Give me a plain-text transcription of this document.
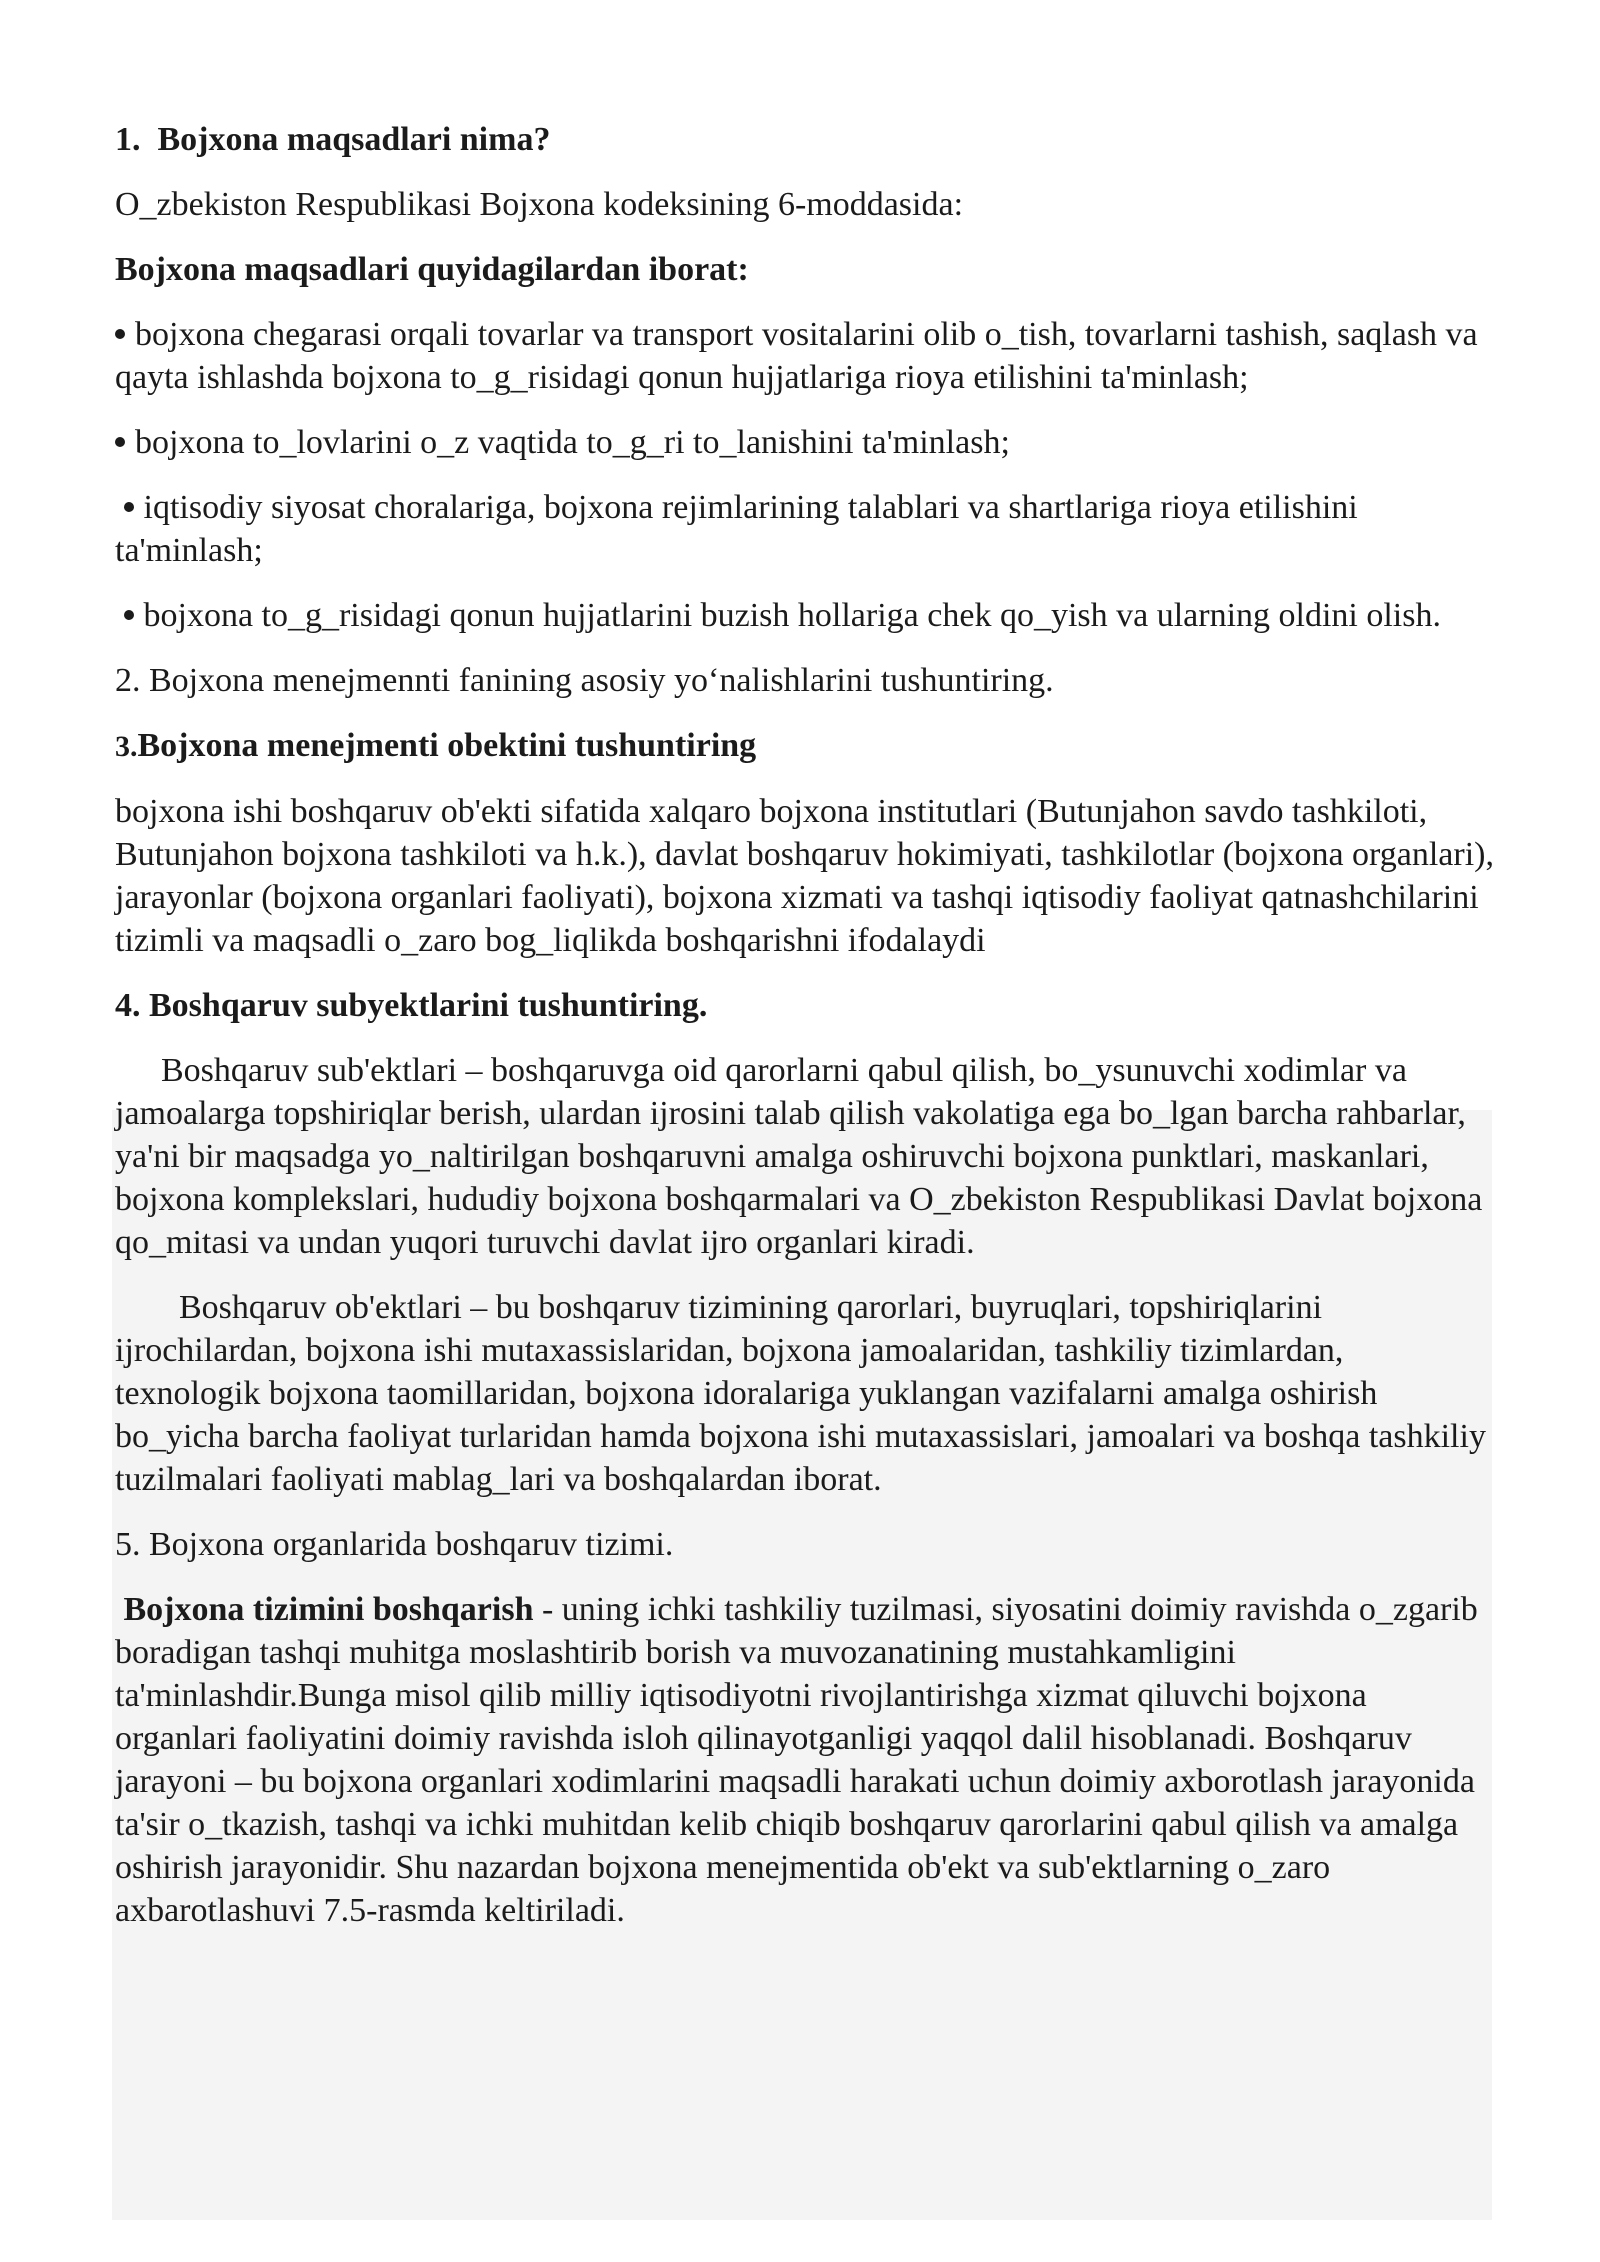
1. Bojxona maqsadlari nima?

O_zbekiston Respublikasi Bojxona kodeksining 6-moddasida:

Bojxona maqsadlari quyidagilardan iborat:

bojxona chegarasi orqali tovarlar va transport vositalarini olib o_tish, tovarlarni tashish, saqlash va qayta ishlashda bojxona to_g_risidagi qonun hujjatlariga rioya etilishini ta'minlash;

bojxona to_lovlarini o_z vaqtida to_g_ri to_lanishini ta'minlash;

iqtisodiy siyosat choralariga, bojxona rejimlarining talablari va shartlariga rioya etilishini ta'minlash;

bojxona to_g_risidagi qonun hujjatlarini buzish hollariga chek qo_yish va ularning oldini olish.

2. Bojxona menejmennti fanining asosiy yo‘nalishlarini tushuntiring.

3.Bojxona menejmenti obektini tushuntiring

bojxona ishi boshqaruv ob'ekti sifatida xalqaro bojxona institutlari (Butunjahon savdo tashkiloti, Butunjahon bojxona tashkiloti va h.k.), davlat boshqaruv hokimiyati, tashkilotlar (bojxona organlari), jarayonlar (bojxona organlari faoliyati), bojxona xizmati va tashqi iqtisodiy faoliyat qatnashchilarini tizimli va maqsadli o_zaro bog_liqlikda boshqarishni ifodalaydi

4. Boshqaruv subyektlarini tushuntiring.

Boshqaruv sub'ektlari – boshqaruvga oid qarorlarni qabul qilish, bo_ysunuvchi xodimlar va jamoalarga topshiriqlar berish, ulardan ijrosini talab qilish vakolatiga ega bo_lgan barcha rahbarlar, ya'ni bir maqsadga yo_naltirilgan boshqaruvni amalga oshiruvchi bojxona punktlari, maskanlari, bojxona komplekslari, hududiy bojxona boshqarmalari va O_zbekiston Respublikasi Davlat bojxona qo_mitasi va undan yuqori turuvchi davlat ijro organlari kiradi.

Boshqaruv ob'ektlari – bu boshqaruv tizimining qarorlari, buyruqlari, topshiriqlarini ijrochilardan, bojxona ishi mutaxassislaridan, bojxona jamoalaridan, tashkiliy tizimlardan, texnologik bojxona taomillaridan, bojxona idoralariga yuklangan vazifalarni amalga oshirish bo_yicha barcha faoliyat turlaridan hamda bojxona ishi mutaxassislari, jamoalari va boshqa tashkiliy tuzilmalari faoliyati mablag_lari va boshqalardan iborat.

5. Bojxona organlarida boshqaruv tizimi.

Bojxona tizimini boshqarish - uning ichki tashkiliy tuzilmasi, siyosatini doimiy ravishda o_zgarib boradigan tashqi muhitga moslashtirib borish va muvozanatining mustahkamligini ta'minlashdir.Bunga misol qilib milliy iqtisodiyotni rivojlantirishga xizmat qiluvchi bojxona organlari faoliyatini doimiy ravishda isloh qilinayotganligi yaqqol dalil hisoblanadi. Boshqaruv jarayoni – bu bojxona organlari xodimlarini maqsadli harakati uchun doimiy axborotlash jarayonida ta'sir o_tkazish, tashqi va ichki muhitdan kelib chiqib boshqaruv qarorlarini qabul qilish va amalga oshirish jarayonidir. Shu nazardan bojxona menejmentida ob'ekt va sub'ektlarning o_zaro axbarotlashuvi 7.5-rasmda keltiriladi.
